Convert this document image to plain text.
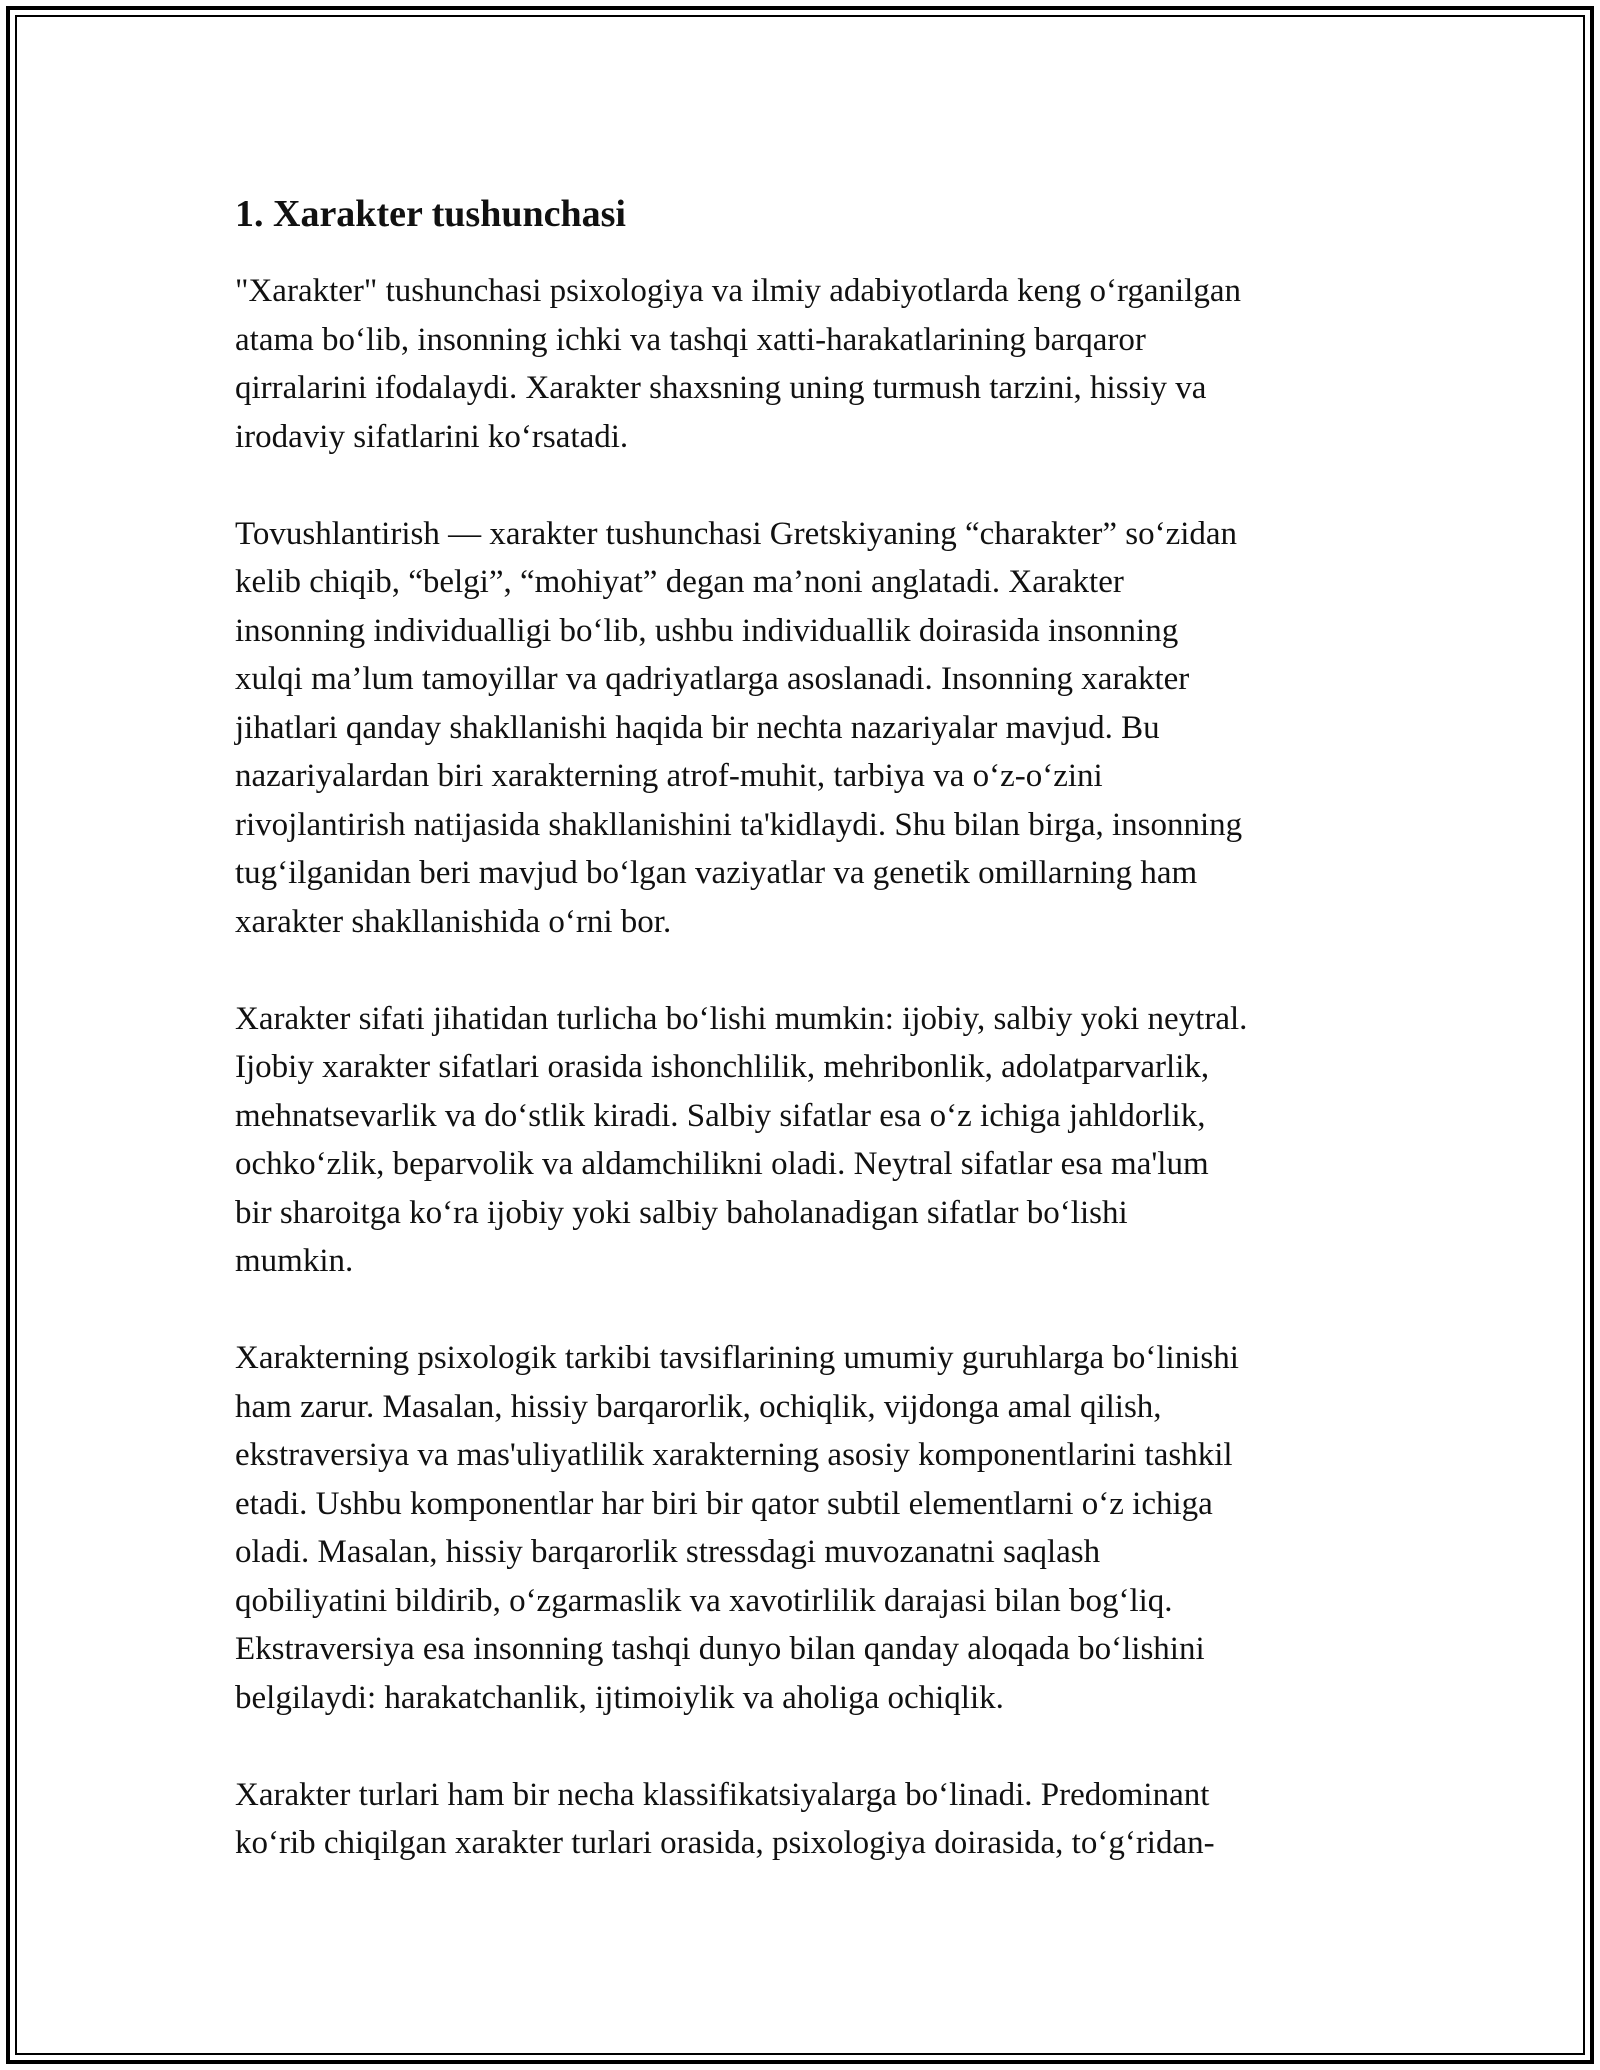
1. Xarakter tushunchasi

"Xarakter" tushunchasi psixologiya va ilmiy adabiyotlarda keng o‘rganilgan
atama bo‘lib, insonning ichki va tashqi xatti-harakatlarining barqaror
qirralarini ifodalaydi. Xarakter shaxsning uning turmush tarzini, hissiy va
irodaviy sifatlarini ko‘rsatadi.

Tovushlantirish — xarakter tushunchasi Gretskiyaning “charakter” so‘zidan
kelib chiqib, “belgi”, “mohiyat” degan ma’noni anglatadi. Xarakter
insonning individualligi bo‘lib, ushbu individuallik doirasida insonning
xulqi ma’lum tamoyillar va qadriyatlarga asoslanadi. Insonning xarakter
jihatlari qanday shakllanishi haqida bir nechta nazariyalar mavjud. Bu
nazariyalardan biri xarakterning atrof-muhit, tarbiya va o‘z-o‘zini
rivojlantirish natijasida shakllanishini ta'kidlaydi. Shu bilan birga, insonning
tug‘ilganidan beri mavjud bo‘lgan vaziyatlar va genetik omillarning ham
xarakter shakllanishida o‘rni bor.

Xarakter sifati jihatidan turlicha bo‘lishi mumkin: ijobiy, salbiy yoki neytral.
Ijobiy xarakter sifatlari orasida ishonchlilik, mehribonlik, adolatparvarlik,
mehnatsevarlik va do‘stlik kiradi. Salbiy sifatlar esa o‘z ichiga jahldorlik,
ochko‘zlik, beparvolik va aldamchilikni oladi. Neytral sifatlar esa ma'lum
bir sharoitga ko‘ra ijobiy yoki salbiy baholanadigan sifatlar bo‘lishi
mumkin.

Xarakterning psixologik tarkibi tavsiflarining umumiy guruhlarga bo‘linishi
ham zarur. Masalan, hissiy barqarorlik, ochiqlik, vijdonga amal qilish,
ekstraversiya va mas'uliyatlilik xarakterning asosiy komponentlarini tashkil
etadi. Ushbu komponentlar har biri bir qator subtil elementlarni o‘z ichiga
oladi. Masalan, hissiy barqarorlik stressdagi muvozanatni saqlash
qobiliyatini bildirib, o‘zgarmaslik va xavotirlilik darajasi bilan bog‘liq.
Ekstraversiya esa insonning tashqi dunyo bilan qanday aloqada bo‘lishini
belgilaydi: harakatchanlik, ijtimoiylik va aholiga ochiqlik.

Xarakter turlari ham bir necha klassifikatsiyalarga bo‘linadi. Predominant
ko‘rib chiqilgan xarakter turlari orasida, psixologiya doirasida, to‘g‘ridan-
